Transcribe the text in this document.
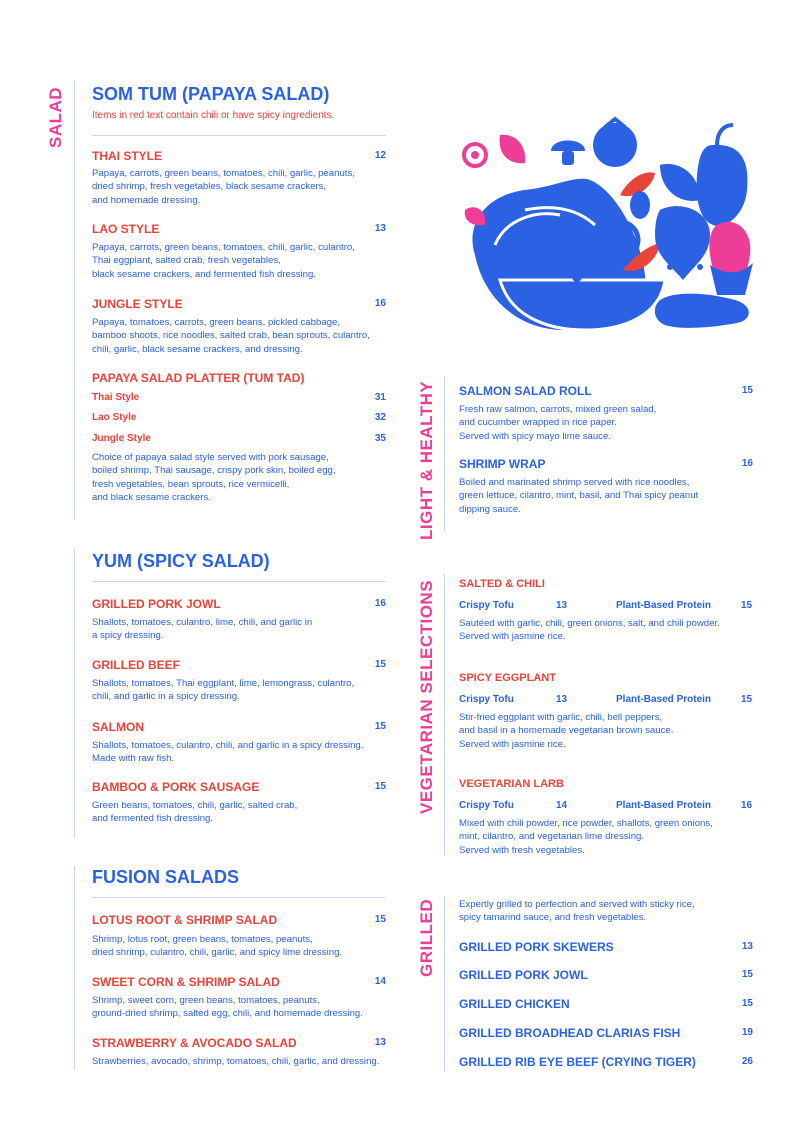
SALAD
LIGHT & HEALTHY
VEGETARIAN SELECTIONS
GRILLED
SOM TUM (PAPAYA SALAD)
Items in red text contain chili or have spicy ingredients.
THAI STYLE	12
Papaya, carrots, green beans, tomatoes, chili, garlic, peanuts,
dried shrimp, fresh vegetables, black sesame crackers,
and homemade dressing.
LAO STYLE	13
Papaya, carrots, green beans, tomatoes, chili, garlic, culantro,
Thai eggplant, salted crab, fresh vegetables,
black sesame crackers, and fermented fish dressing.
JUNGLE STYLE	16
Papaya, tomatoes, carrots, green beans, pickled cabbage,
bamboo shoots, rice noodles, salted crab, bean sprouts, culantro,
chili, garlic, black sesame crackers, and dressing.
PAPAYA SALAD PLATTER (TUM TAD)
Thai Style	31
Lao Style	32
Jungle Style	35
Choice of papaya salad style served with pork sausage,
boiled shrimp, Thai sausage, crispy pork skin, boiled egg,
fresh vegetables, bean sprouts, rice vermicelli,
and black sesame crackers.
YUM (SPICY SALAD)
GRILLED PORK JOWL	16
Shallots, tomatoes, culantro, lime, chili, and garlic in
a spicy dressing.
GRILLED BEEF	15
Shallots, tomatoes, Thai eggplant, lime, lemongrass, culantro,
chili, and garlic in a spicy dressing.
SALMON	15
Shallots, tomatoes, culantro, chili, and garlic in a spicy dressing.
Made with raw fish.
BAMBOO & PORK SAUSAGE	15
Green beans, tomatoes, chili, garlic, salted crab,
and fermented fish dressing.
FUSION SALADS
LOTUS ROOT & SHRIMP SALAD	15
Shrimp, lotus root, green beans, tomatoes, peanuts,
dried shrimp, culantro, chili, garlic, and spicy lime dressing.
SWEET CORN & SHRIMP SALAD	14
Shrimp, sweet corn, green beans, tomatoes, peanuts,
ground-dried shrimp, salted egg, chili, and homemade dressing.
STRAWBERRY & AVOCADO SALAD	13
Strawberries, avocado, shrimp, tomatoes, chili, garlic, and dressing.
SALMON SALAD ROLL	15
Fresh raw salmon, carrots, mixed green salad,
and cucumber wrapped in rice paper.
Served with spicy mayo lime sauce.
SHRIMP WRAP	16
Boiled and marinated shrimp served with rice noodles,
green lettuce, cilantro, mint, basil, and Thai spicy peanut
dipping sauce.
SALTED & CHILI
Crispy Tofu	13	Plant-Based Protein	15
Sautéed with garlic, chili, green onions, salt, and chili powder.
Served with jasmine rice.
SPICY EGGPLANT
Crispy Tofu	13	Plant-Based Protein	15
Stir-fried eggplant with garlic, chili, bell peppers,
and basil in a homemade vegetarian brown sauce.
Served with jasmine rice.
VEGETARIAN LARB
Crispy Tofu	14	Plant-Based Protein	16
Mixed with chili powder, rice powder, shallots, green onions,
mint, cilantro, and vegetarian lime dressing.
Served with fresh vegetables.
Expertly grilled to perfection and served with sticky rice,
spicy tamarind sauce, and fresh vegetables.
GRILLED PORK SKEWERS	13
GRILLED PORK JOWL	15
GRILLED CHICKEN	15
GRILLED BROADHEAD CLARIAS FISH	19
GRILLED RIB EYE BEEF (CRYING TIGER)	26
